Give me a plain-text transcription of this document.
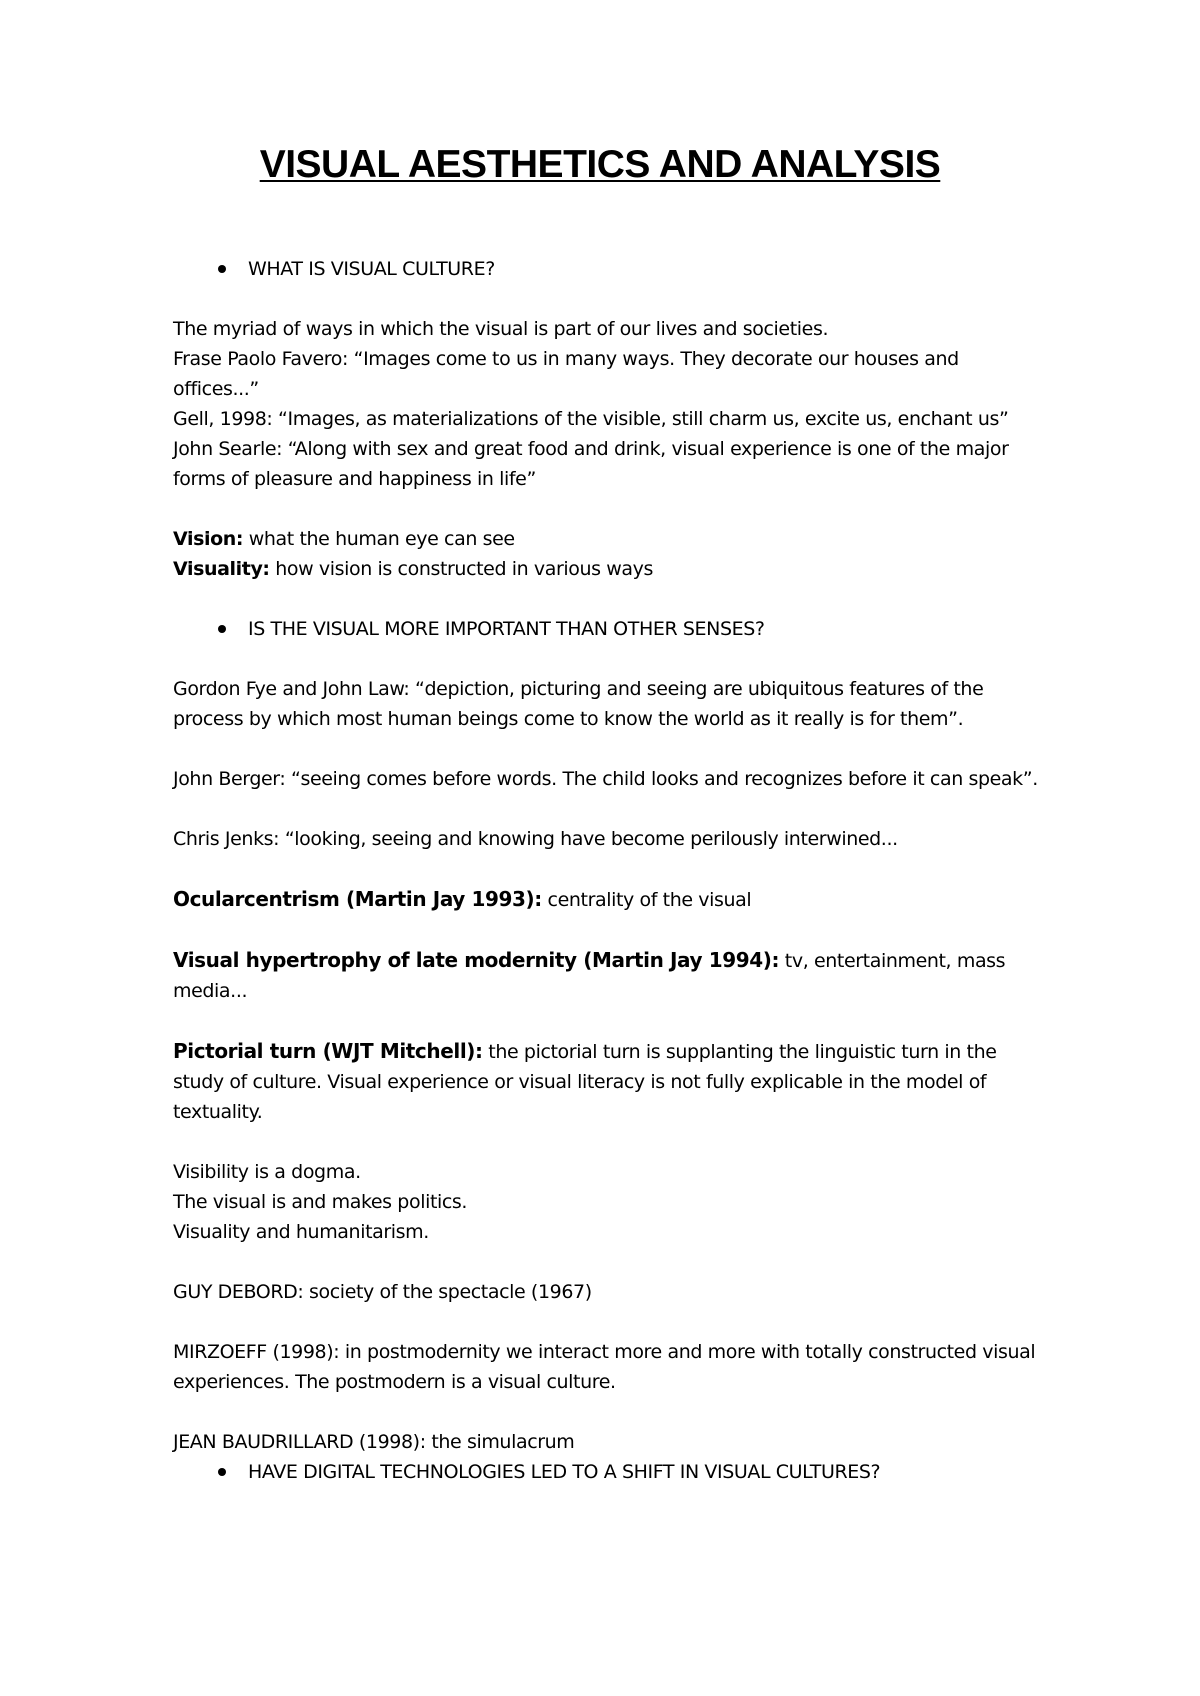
VISUAL AESTHETICS AND ANALYSIS

WHAT IS VISUAL CULTURE?

The myriad of ways in which the visual is part of our lives and societies.

Frase Paolo Favero: “Images come to us in many ways. They decorate our houses and offices...”

Gell, 1998: “Images, as materializations of the visible, still charm us, excite us, enchant us”

John Searle: “Along with sex and great food and drink, visual experience is one of the major forms of pleasure and happiness in life”

Vision: what the human eye can see

Visuality: how vision is constructed in various ways

IS THE VISUAL MORE IMPORTANT THAN OTHER SENSES?

Gordon Fye and John Law: “depiction, picturing and seeing are ubiquitous features of the process by which most human beings come to know the world as it really is for them”.

John Berger: “seeing comes before words. The child looks and recognizes before it can speak”.

Chris Jenks: “looking, seeing and knowing have become perilously interwined...

Ocularcentrism (Martin Jay 1993): centrality of the visual

Visual hypertrophy of late modernity (Martin Jay 1994): tv, entertainment, mass media...

Pictorial turn (WJT Mitchell): the pictorial turn is supplanting the linguistic turn in the study of culture. Visual experience or visual literacy is not fully explicable in the model of textuality.

Visibility is a dogma.

The visual is and makes politics.

Visuality and humanitarism.

GUY DEBORD: society of the spectacle (1967)

MIRZOEFF (1998): in postmodernity we interact more and more with totally constructed visual experiences. The postmodern is a visual culture.

JEAN BAUDRILLARD (1998): the simulacrum

HAVE DIGITAL TECHNOLOGIES LED TO A SHIFT IN VISUAL CULTURES?
